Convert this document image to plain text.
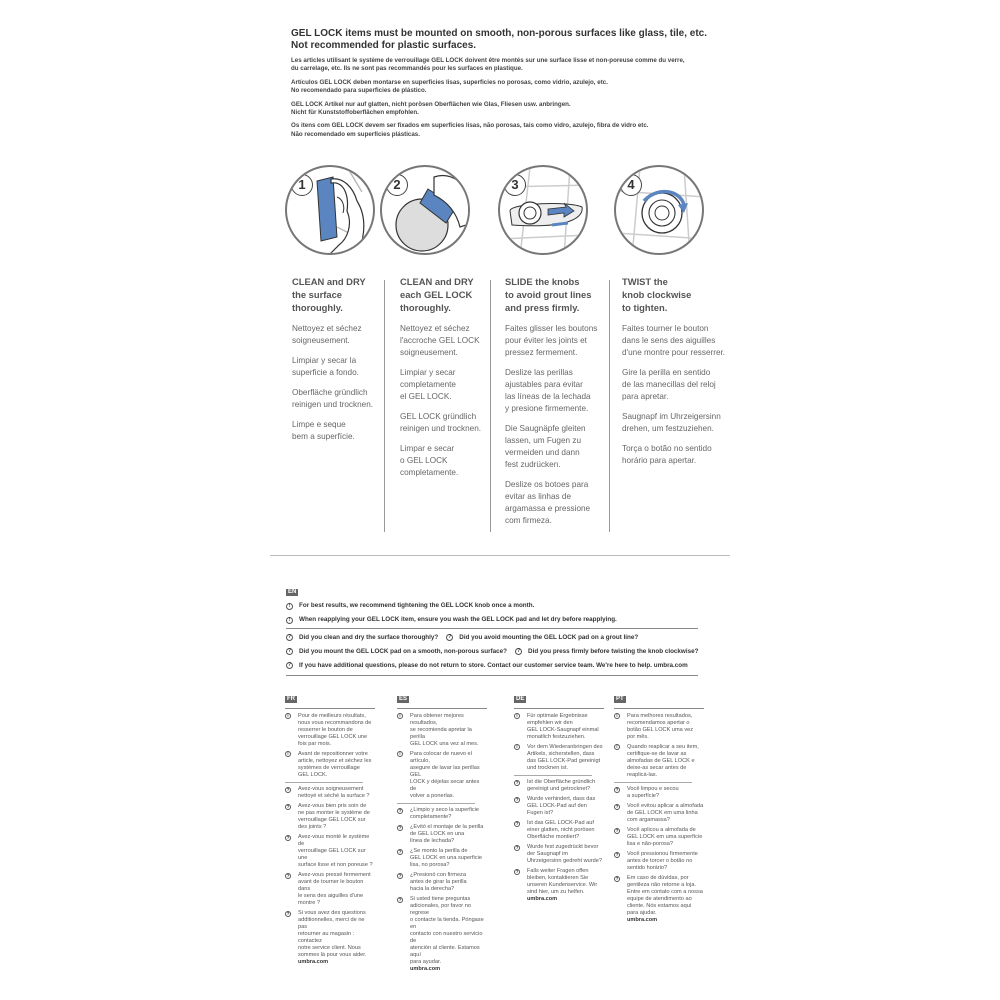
GEL LOCK items must be mounted on smooth, non-porous surfaces like glass, tile, etc.
Not recommended for plastic surfaces.
Les articles utilisant le système de verrouillage GEL LOCK doivent être montés sur une surface lisse et non-poreuse comme du verre,
du carrelage, etc. Ils ne sont pas recommandés pour les surfaces en plastique.
Artículos GEL LOCK deben montarse en superficies lisas, superficies no porosas, como vidrio, azulejo, etc.
No recomendado para superficies de plástico.
GEL LOCK Artikel nur auf glatten, nicht porösen Oberflächen wie Glas, Fliesen usw. anbringen.
Nicht für Kunststoffoberflächen empfohlen.
Os itens com GEL LOCK devem ser fixados em superfícies lisas, não porosas, tais como vidro, azulejo, fibra de vidro etc.
Não recomendado em superfícies plásticas.
1	2	3	4
CLEAN and DRY
the surface
thoroughly.
Nettoyez et séchez
soigneusement.
Limpiar y secar la
superficie a fondo.
Oberfläche gründlich
reinigen und trocknen.
Limpe e seque
bem a superfície.
CLEAN and DRY
each GEL LOCK
thoroughly.
Nettoyez et séchez
l'accroche GEL LOCK
soigneusement.
Limpiar y secar
completamente
el GEL LOCK.
GEL LOCK gründlich
reinigen und trocknen.
Limpar e secar
o GEL LOCK
completamente.
SLIDE the knobs
to avoid grout lines
and press firmly.
Faites glisser les boutons
pour éviter les joints et
pressez fermement.
Deslize las perillas
ajustables para evitar
las líneas de la lechada
y presione firmemente.
Die Saugnäpfe gleiten
lassen, um Fugen zu
vermeiden und dann
fest zudrücken.
Deslize os botoes para
evitar as linhas de
argamassa e pressione
com firmeza.
TWIST the
knob clockwise
to tighten.
Faites tourner le bouton
dans le sens des aiguilles
d'une montre pour resserrer.
Gire la perilla en sentido
de las manecillas del reloj
para apretar.
Saugnapf im Uhrzeigersinn
drehen, um festzuziehen.
Torça o botão no sentido
horário para apertar.
EN
!	For best results, we recommend tightening the GEL LOCK knob once a month.
!	When reapplying your GEL LOCK item, ensure you wash the GEL LOCK pad and let dry before reapplying.
?	Did you clean and dry the surface thoroughly?	?	Did you avoid mounting the GEL LOCK pad on a grout line?
?	Did you mount the GEL LOCK pad on a smooth, non-porous surface?	?	Did you press firmly before twisting the knob clockwise?
?	If you have additional questions, please do not return to store. Contact our customer service team. We're here to help. umbra.com
FR
!	Pour de meilleurs résultats,
nous vous recommandons de
resserrer le bouton de
verrouillage GEL LOCK une
fois par mois.
!	Avant de repositionner votre
article, nettoyez et séchez les
systèmes de verrouillage
GEL LOCK.
?	Avez-vous soigneusement
nettoyé et séché la surface ?
?	Avez-vous bien pris soin de
ne pas monter le système de
verrouillage GEL LOCK sur
des joints ?
?	Avez-vous monté le système de
verrouillage GEL LOCK sur une
surface lisse et non poreuse ?
?	Avez-vous pressé fermement
avant de tourner le bouton dans
le sens des aiguilles d'une
montre ?
?	Si vous avez des questions
additionnelles, merci de ne pas
retourner au magasin : contactez
notre service client. Nous
sommes là pour vous aider.
umbra.com
ES
!	Para obtener mejores resultados,
se recomienda apretar la perilla
GEL LOCK una vez al mes.
!	Para colocar de nuevo el artículo,
asegure de lavar las perillas GEL
LOCK y déjelas secar antes de
volver a ponerlas.
?	¿Limpio y seco la superficie
completamente?
?	¿Evitó el montaje de la perilla
de GEL LOCK en una
línea de lechada?
?	¿Se monto la perilla de
GEL LOCK en una superficie
lisa, no porosa?
?	¿Presionó con firmeza
antes de girar la perilla
hacia la derecha?
?	Si usted tiene preguntas
adicionales, por favor no regrese
o contacte la tienda. Póngase en
contacto con nuestro servicio de
atención al cliente. Estamos aquí
para ayudar.
umbra.com
DE
!	Für optimale Ergebnisse
empfehlen wir den
GEL LOCK-Saugnapf einmal
monatlich festzuziehen.
!	Vor dem Wiederanbringen des
Artikels, sicherstellen, dass
das GEL LOCK-Pad gereinigt
und trocknen ist.
?	Ist die Oberfläche gründlich
gereinigt und getrocknet?
?	Wurde verhindert, dass das
GEL LOCK-Pad auf den
Fugen ist?
?	Ist das GEL LOCK-Pad auf
einer glatten, nicht porösen
Oberfläche montiert?
?	Wurde fest zugedrückt bevor
der Saugnapf im
Uhrzeigersinn gedreht wurde?
?	Falls weiter Fragen offen
bleiben, kontaktieren Sie
unseren Kundenservice. Wir
sind hier, um zu helfen.
umbra.com
PT
!	Para melhores resultados,
recomendamos apertar o
botão GEL LOCK uma vez
por mês.
!	Quando reaplicar a seu item,
certifique-se de lavar as
almofadas de GEL LOCK e
deixe-as secar antes de
reaplicá-las.
?	Você limpou e secou
a superfície?
?	Você evitou aplicar a almofada
de GEL LOCK em uma linha
com argamassa?
?	Você aplicou a almofada de
GEL LOCK em uma superfície
lisa e não-porosa?
?	Você pressionou firmemente
antes de torcer o botão no
sentido horário?
?	Em caso de dúvidas, por
gentileza não retorne a loja.
Entre em contato com a nossa
equipe de atendimento ao
cliente. Nós estamos aqui
para ajudar.
umbra.com
